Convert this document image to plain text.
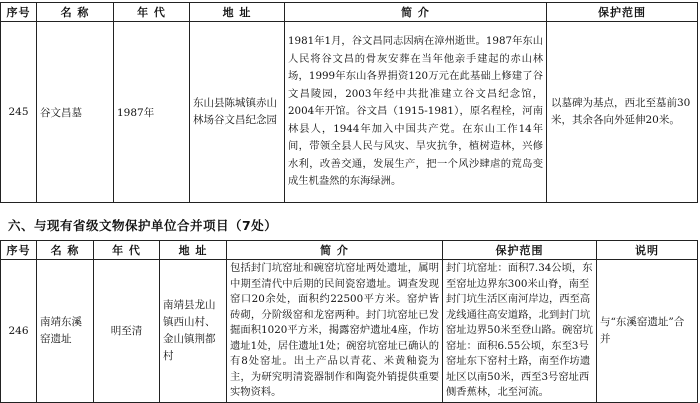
序号	名 称	年 代	地 址	简 介	保护范围
245	谷文昌墓	1987年	东山县陈城镇赤山林场谷文昌纪念园	1981年1月，谷文昌同志因病在漳州逝世。1987年东山人民将谷文昌的骨灰安葬在当年他亲手建起的赤山林场，1999年东山各界捐资120万元在此基础上修建了谷文昌陵园，2003年经中共批准建立谷文昌纪念馆，2004年开馆。谷文昌（1915-1981），原名程栓，河南林县人，1944年加入中国共产党。在东山工作14年间，带领全县人民与风灾、旱灾抗争，植树造林，兴修水利，改善交通，发展生产，把一个风沙肆虐的荒岛变成生机盎然的东海绿洲。	以墓碑为基点，西北至墓前30米，其余各向外延伸20米。
六、与现有省级文物保护单位合并项目（7处）
序号	名 称	年 代	地 址	简 介	保护范围	说明
246	南靖东溪窑遗址	明至清	南靖县龙山镇西山村、金山镇荆都村	包括封门坑窑址和碗窑坑窑址两处遗址，属明中期至清代中后期的民间瓷窑遗址。调查发现窑口20余处，面积约22500平方米。窑炉皆砖砌，分阶级窑和龙窑两种。封门坑窑址已发掘面积1020平方米，揭露窑炉遗址4座，作坊遗址1处，居住遗址1处；碗窑坑窑址已确认的有8处窑址。出土产品以青花、米黄釉瓷为主，为研究明清瓷器制作和陶瓷外销提供重要实物资料。	封门坑窑址：面积7.34公顷，东至窑址边界东300米山脊，南至封门坑生活区南河岸边，西至高龙线通往高安道路，北到封门坑窑址边界50米至登山路。碗窑坑窑址：面积6.55公顷，东至3号窑址东下窑村土路，南至作坊遗址区以南50米，西至3号窑址西侧香蕉林，北至河流。	与“东溪窑遗址”合并
